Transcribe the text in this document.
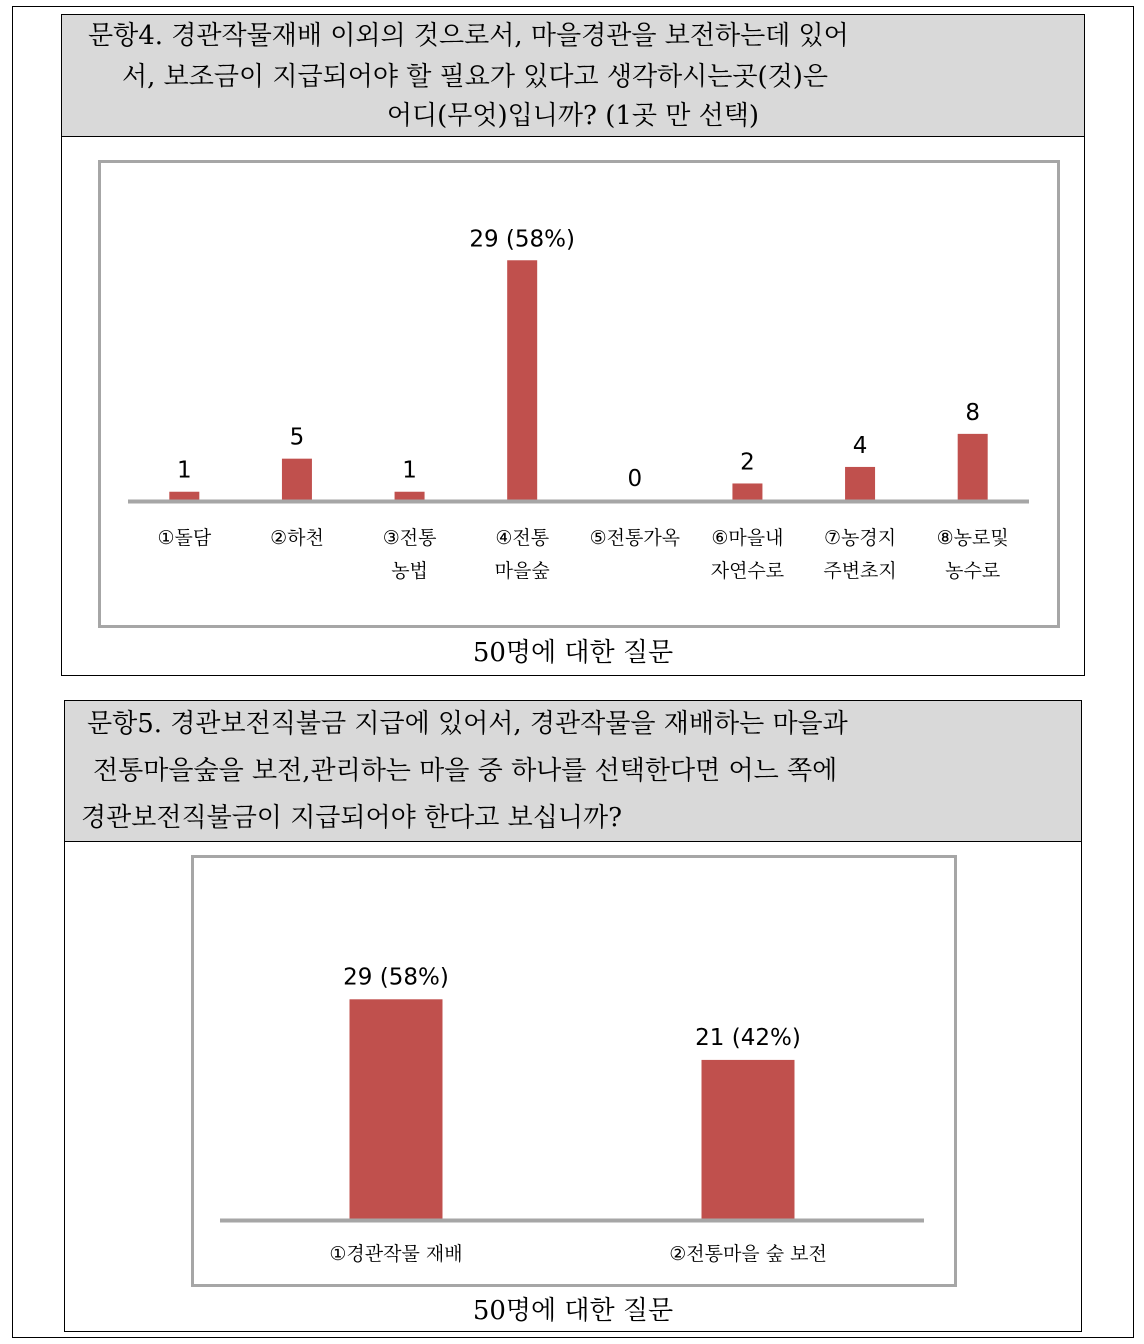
문항4. 경관작물재배 이외의 것으로서, 마을경관을 보전하는데 있어
서, 보조금이 지급되어야 할 필요가 있다고 생각하시는곳(것)은
어디(무엇)입니까? (1곳 만 선택)
1
①돌담
5
②하천
1
③전통
농법
29 (58%)
④전통
마을숲
0
⑤전통가옥
2
⑥마을내
자연수로
4
⑦농경지
주변초지
8
⑧농로및
농수로
50명에 대한 질문
문항5. 경관보전직불금 지급에 있어서, 경관작물을 재배하는 마을과
전통마을숲을 보전,관리하는 마을 중 하나를 선택한다면 어느 쪽에
경관보전직불금이 지급되어야 한다고 보십니까?
29 (58%)
①경관작물 재배
21 (42%)
②전통마을 숲 보전
50명에 대한 질문
